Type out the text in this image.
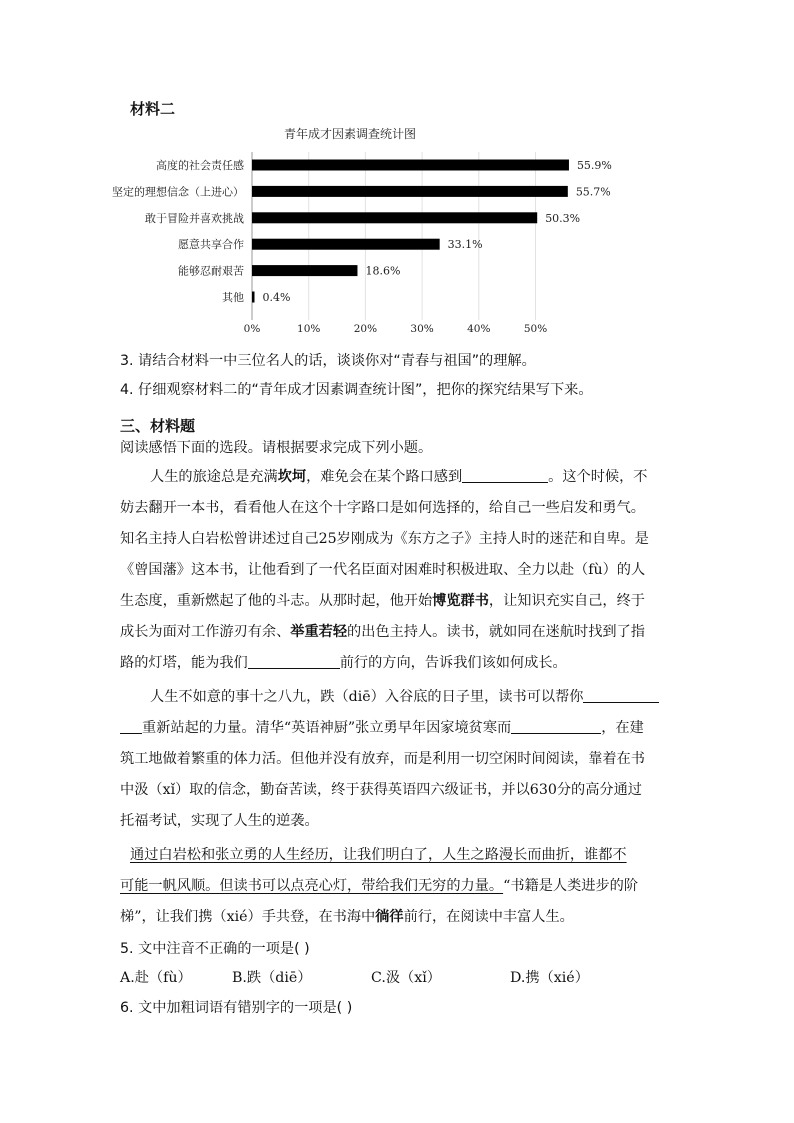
材料二
青年成才因素调查统计图
高度的社会责任感
坚定的理想信念（上进心）
敢于冒险并喜欢挑战
愿意共享合作
能够忍耐艰苦
其他
55.9%
55.7%
50.3%
33.1%
18.6%
0.4%
0%	10%	20%	30%	40%	50%
3. 请结合材料一中三位名人的话，谈谈你对“青春与祖国”的理解。
4. 仔细观察材料二的“青年成才因素调查统计图”，把你的探究结果写下来。
三、材料题
阅读感悟下面的选段。请根据要求完成下列小题。
人生的旅途总是充满坎坷，难免会在某个路口感到	。这个时候，不
妨去翻开一本书，看看他人在这个十字路口是如何选择的，给自己一些启发和勇气。
知名主持人白岩松曾讲述过自己25岁刚成为《东方之子》主持人时的迷茫和自卑。是
《曾国藩》这本书，让他看到了一代名臣面对困难时积极进取、全力以赴（fù）的人
生态度，重新燃起了他的斗志。从那时起，他开始博览群书，让知识充实自己，终于
成长为面对工作游刃有余、举重若轻的出色主持人。读书，就如同在迷航时找到了指
路的灯塔，能为我们	前行的方向，告诉我们该如何成长。
人生不如意的事十之八九，跌（diē）入谷底的日子里，读书可以帮你
重新站起的力量。清华“英语神厨”张立勇早年因家境贫寒而	，在建
筑工地做着繁重的体力活。但他并没有放弃，而是利用一切空闲时间阅读，靠着在书
中汲（xǐ）取的信念，勤奋苦读，终于获得英语四六级证书，并以630分的高分通过
托福考试，实现了人生的逆袭。
通过白岩松和张立勇的人生经历，让我们明白了，人生之路漫长而曲折，谁都不
可能一帆风顺。但读书可以点亮心灯，带给我们无穷的力量。“书籍是人类进步的阶
梯”，让我们携（xié）手共登，在书海中徜徉前行，在阅读中丰富人生。
5. 文中注音不正确的一项是( )
A.赴（fù）	B.跌（diē）	C.汲（xǐ）	D.携（xié）
6. 文中加粗词语有错别字的一项是( )
